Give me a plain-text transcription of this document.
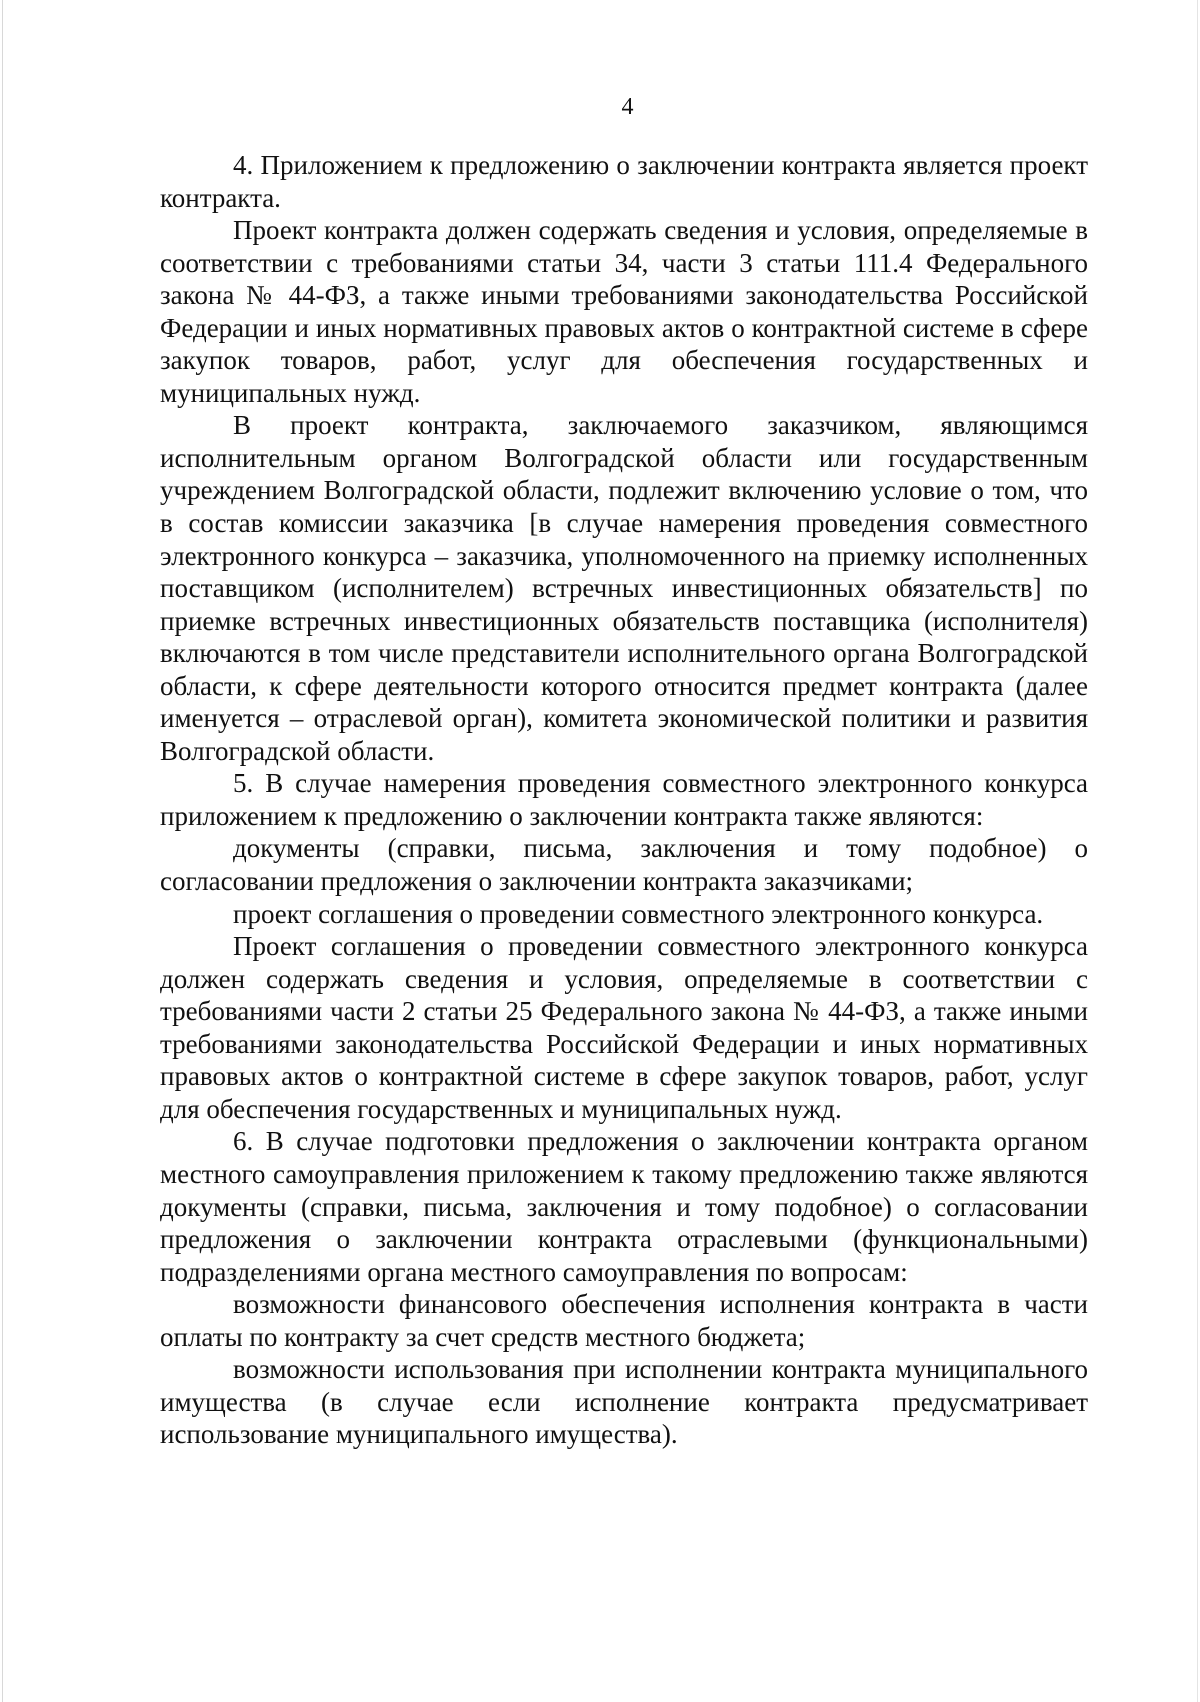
4

4. Приложением к предложению о заключении контракта является проект контракта.

Проект контракта должен содержать сведения и условия, определяемые в соответствии с требованиями статьи 34, части 3 статьи 111.4 Федерального закона № 44-ФЗ, а также иными требованиями законодательства Российской Федерации и иных нормативных правовых актов о контрактной системе в сфере закупок товаров, работ, услуг для обеспечения государственных и муниципальных нужд.

В проект контракта, заключаемого заказчиком, являющимся исполнительным органом Волгоградской области или государственным учреждением Волгоградской области, подлежит включению условие о том, что в состав комиссии заказчика [в случае намерения проведения совместного электронного конкурса – заказчика, уполномоченного на приемку исполненных поставщиком (исполнителем) встречных инвестиционных обязательств] по приемке встречных инвестиционных обязательств поставщика (исполнителя) включаются в том числе представители исполнительного органа Волгоградской области, к сфере деятельности которого относится предмет контракта (далее именуется – отраслевой орган), комитета экономической политики и развития Волгоградской области.

5. В случае намерения проведения совместного электронного конкурса приложением к предложению о заключении контракта также являются:

документы (справки, письма, заключения и тому подобное) о согласовании предложения о заключении контракта заказчиками;

проект соглашения о проведении совместного электронного конкурса.

Проект соглашения о проведении совместного электронного конкурса должен содержать сведения и условия, определяемые в соответствии с требованиями части 2 статьи 25 Федерального закона № 44-ФЗ, а также иными требованиями законодательства Российской Федерации и иных нормативных правовых актов о контрактной системе в сфере закупок товаров, работ, услуг для обеспечения государственных и муниципальных нужд.

6. В случае подготовки предложения о заключении контракта органом местного самоуправления приложением к такому предложению также являются документы (справки, письма, заключения и тому подобное) о согласовании предложения о заключении контракта отраслевыми (функциональными) подразделениями органа местного самоуправления по вопросам:

возможности финансового обеспечения исполнения контракта в части оплаты по контракту за счет средств местного бюджета;

возможности использования при исполнении контракта муниципального имущества (в случае если исполнение контракта предусматривает использование муниципального имущества).
